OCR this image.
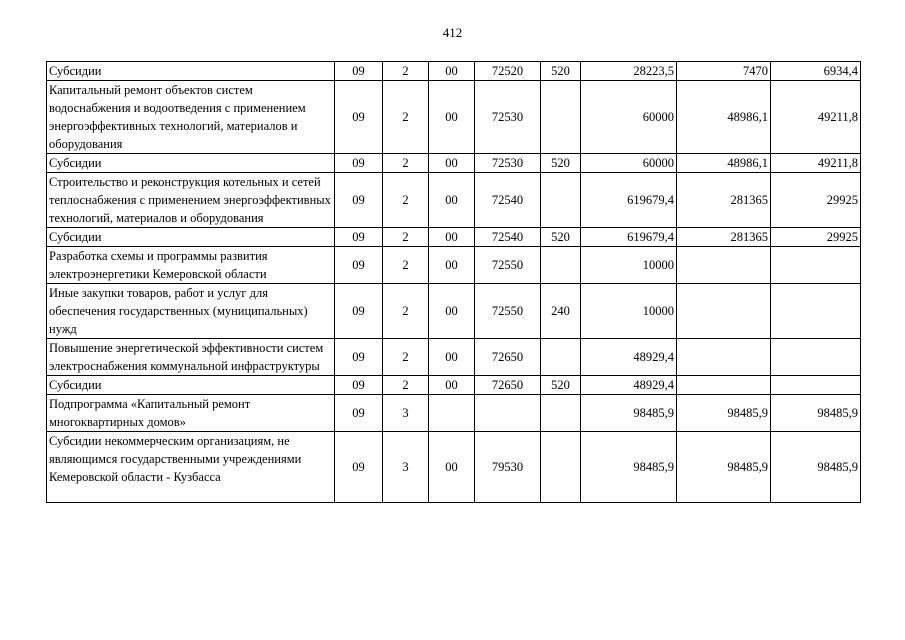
412
Субсидии	09	2	00	72520	520	28223,5	7470	6934,4
Капитальный ремонт объектов систем водоснабжения и водоотведения с применением энергоэффективных технологий, материалов и оборудования	09	2	00	72530		60000	48986,1	49211,8
Субсидии	09	2	00	72530	520	60000	48986,1	49211,8
Строительство и реконструкция котельных и сетей теплоснабжения с применением энергоэффективных технологий, материалов и оборудования	09	2	00	72540		619679,4	281365	29925
Субсидии	09	2	00	72540	520	619679,4	281365	29925
Разработка схемы и программы развития электроэнергетики Кемеровской области	09	2	00	72550		10000		
Иные закупки товаров, работ и услуг для обеспечения государственных (муниципальных) нужд	09	2	00	72550	240	10000		
Повышение энергетической эффективности систем электроснабжения коммунальной инфраструктуры	09	2	00	72650		48929,4		
Субсидии	09	2	00	72650	520	48929,4		
Подпрограмма «Капитальный ремонт многоквартирных домов»	09	3				98485,9	98485,9	98485,9
Субсидии некоммерческим организациям, не являющимся государственными учреждениями Кемеровской области - Кузбасса	09	3	00	79530		98485,9	98485,9	98485,9
